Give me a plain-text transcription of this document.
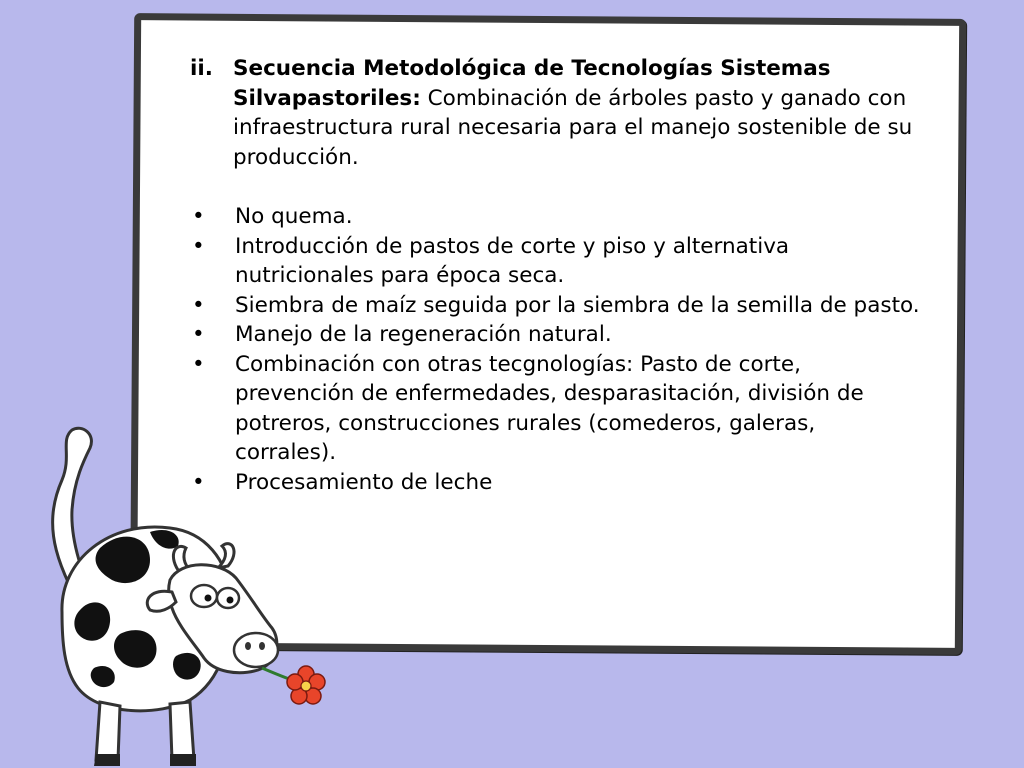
ii. Secuencia Metodológica de Tecnologías Sistemas Silvapastoriles: Combinación de árboles pasto y ganado con infraestructura rural necesaria para el manejo sostenible de su producción.
•	No quema.
•	Introducción de pastos de corte y piso y alternativa nutricionales para época seca.
•	Siembra de maíz seguida por la siembra de la semilla de pasto.
•	Manejo de la regeneración natural.
•	Combinación con otras tecgnologías: Pasto de corte, prevención de enfermedades, desparasitación, división de potreros, construcciones rurales (comederos, galeras, corrales).
•	Procesamiento de leche
